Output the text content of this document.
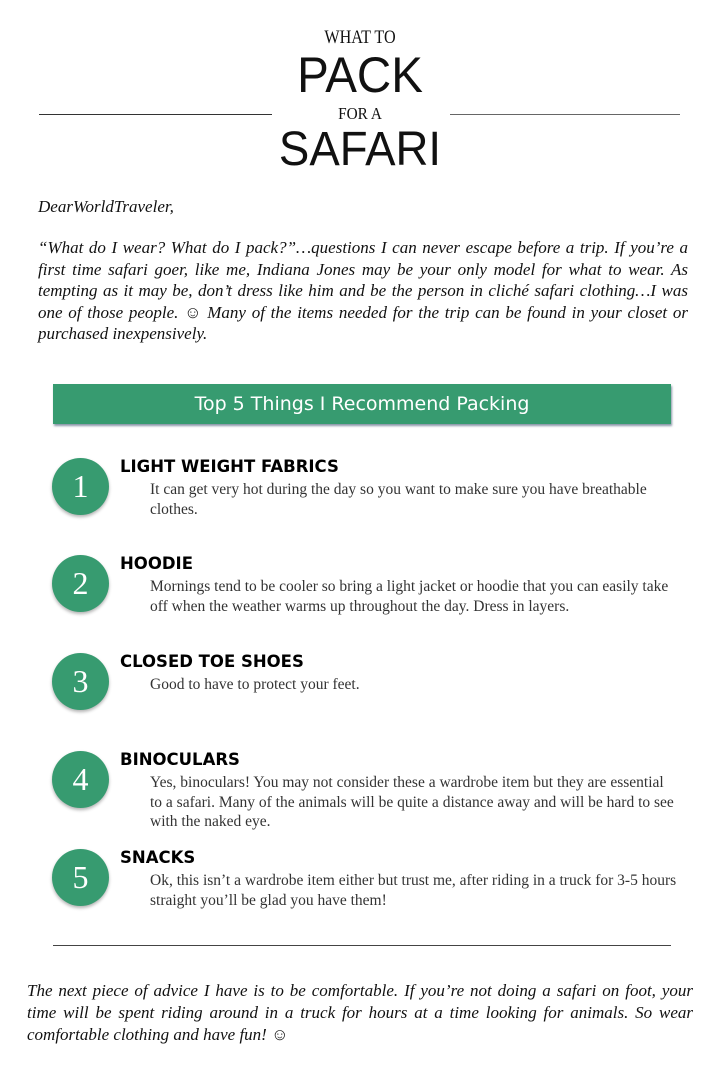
WHAT TO
PACK
FOR A
SAFARI
DearWorldTraveler,
“What do I wear? What do I pack?”…questions I can never escape before a trip. If you’re a first time safari goer, like me, Indiana Jones may be your only model for what to wear. As tempting as it may be, don’t dress like him and be the person in cliché safari clothing…I was one of those people. ☺ Many of the items needed for the trip can be found in your closet or purchased inexpensively.
Top 5 Things I Recommend Packing
1
LIGHT WEIGHT FABRICS
It can get very hot during the day so you want to make sure you have breathable clothes.
2
HOODIE
Mornings tend to be cooler so bring a light jacket or hoodie that you can easily take off when the weather warms up throughout the day. Dress in layers.
3
CLOSED TOE SHOES
Good to have to protect your feet.
4
BINOCULARS
Yes, binoculars! You may not consider these a wardrobe item but they are essential to a safari. Many of the animals will be quite a distance away and will be hard to see with the naked eye.
5
SNACKS
Ok, this isn’t a wardrobe item either but trust me, after riding in a truck for 3-5 hours straight you’ll be glad you have them!
The next piece of advice I have is to be comfortable. If you’re not doing a safari on foot, your time will be spent riding around in a truck for hours at a time looking for animals. So wear comfortable clothing and have fun! ☺
